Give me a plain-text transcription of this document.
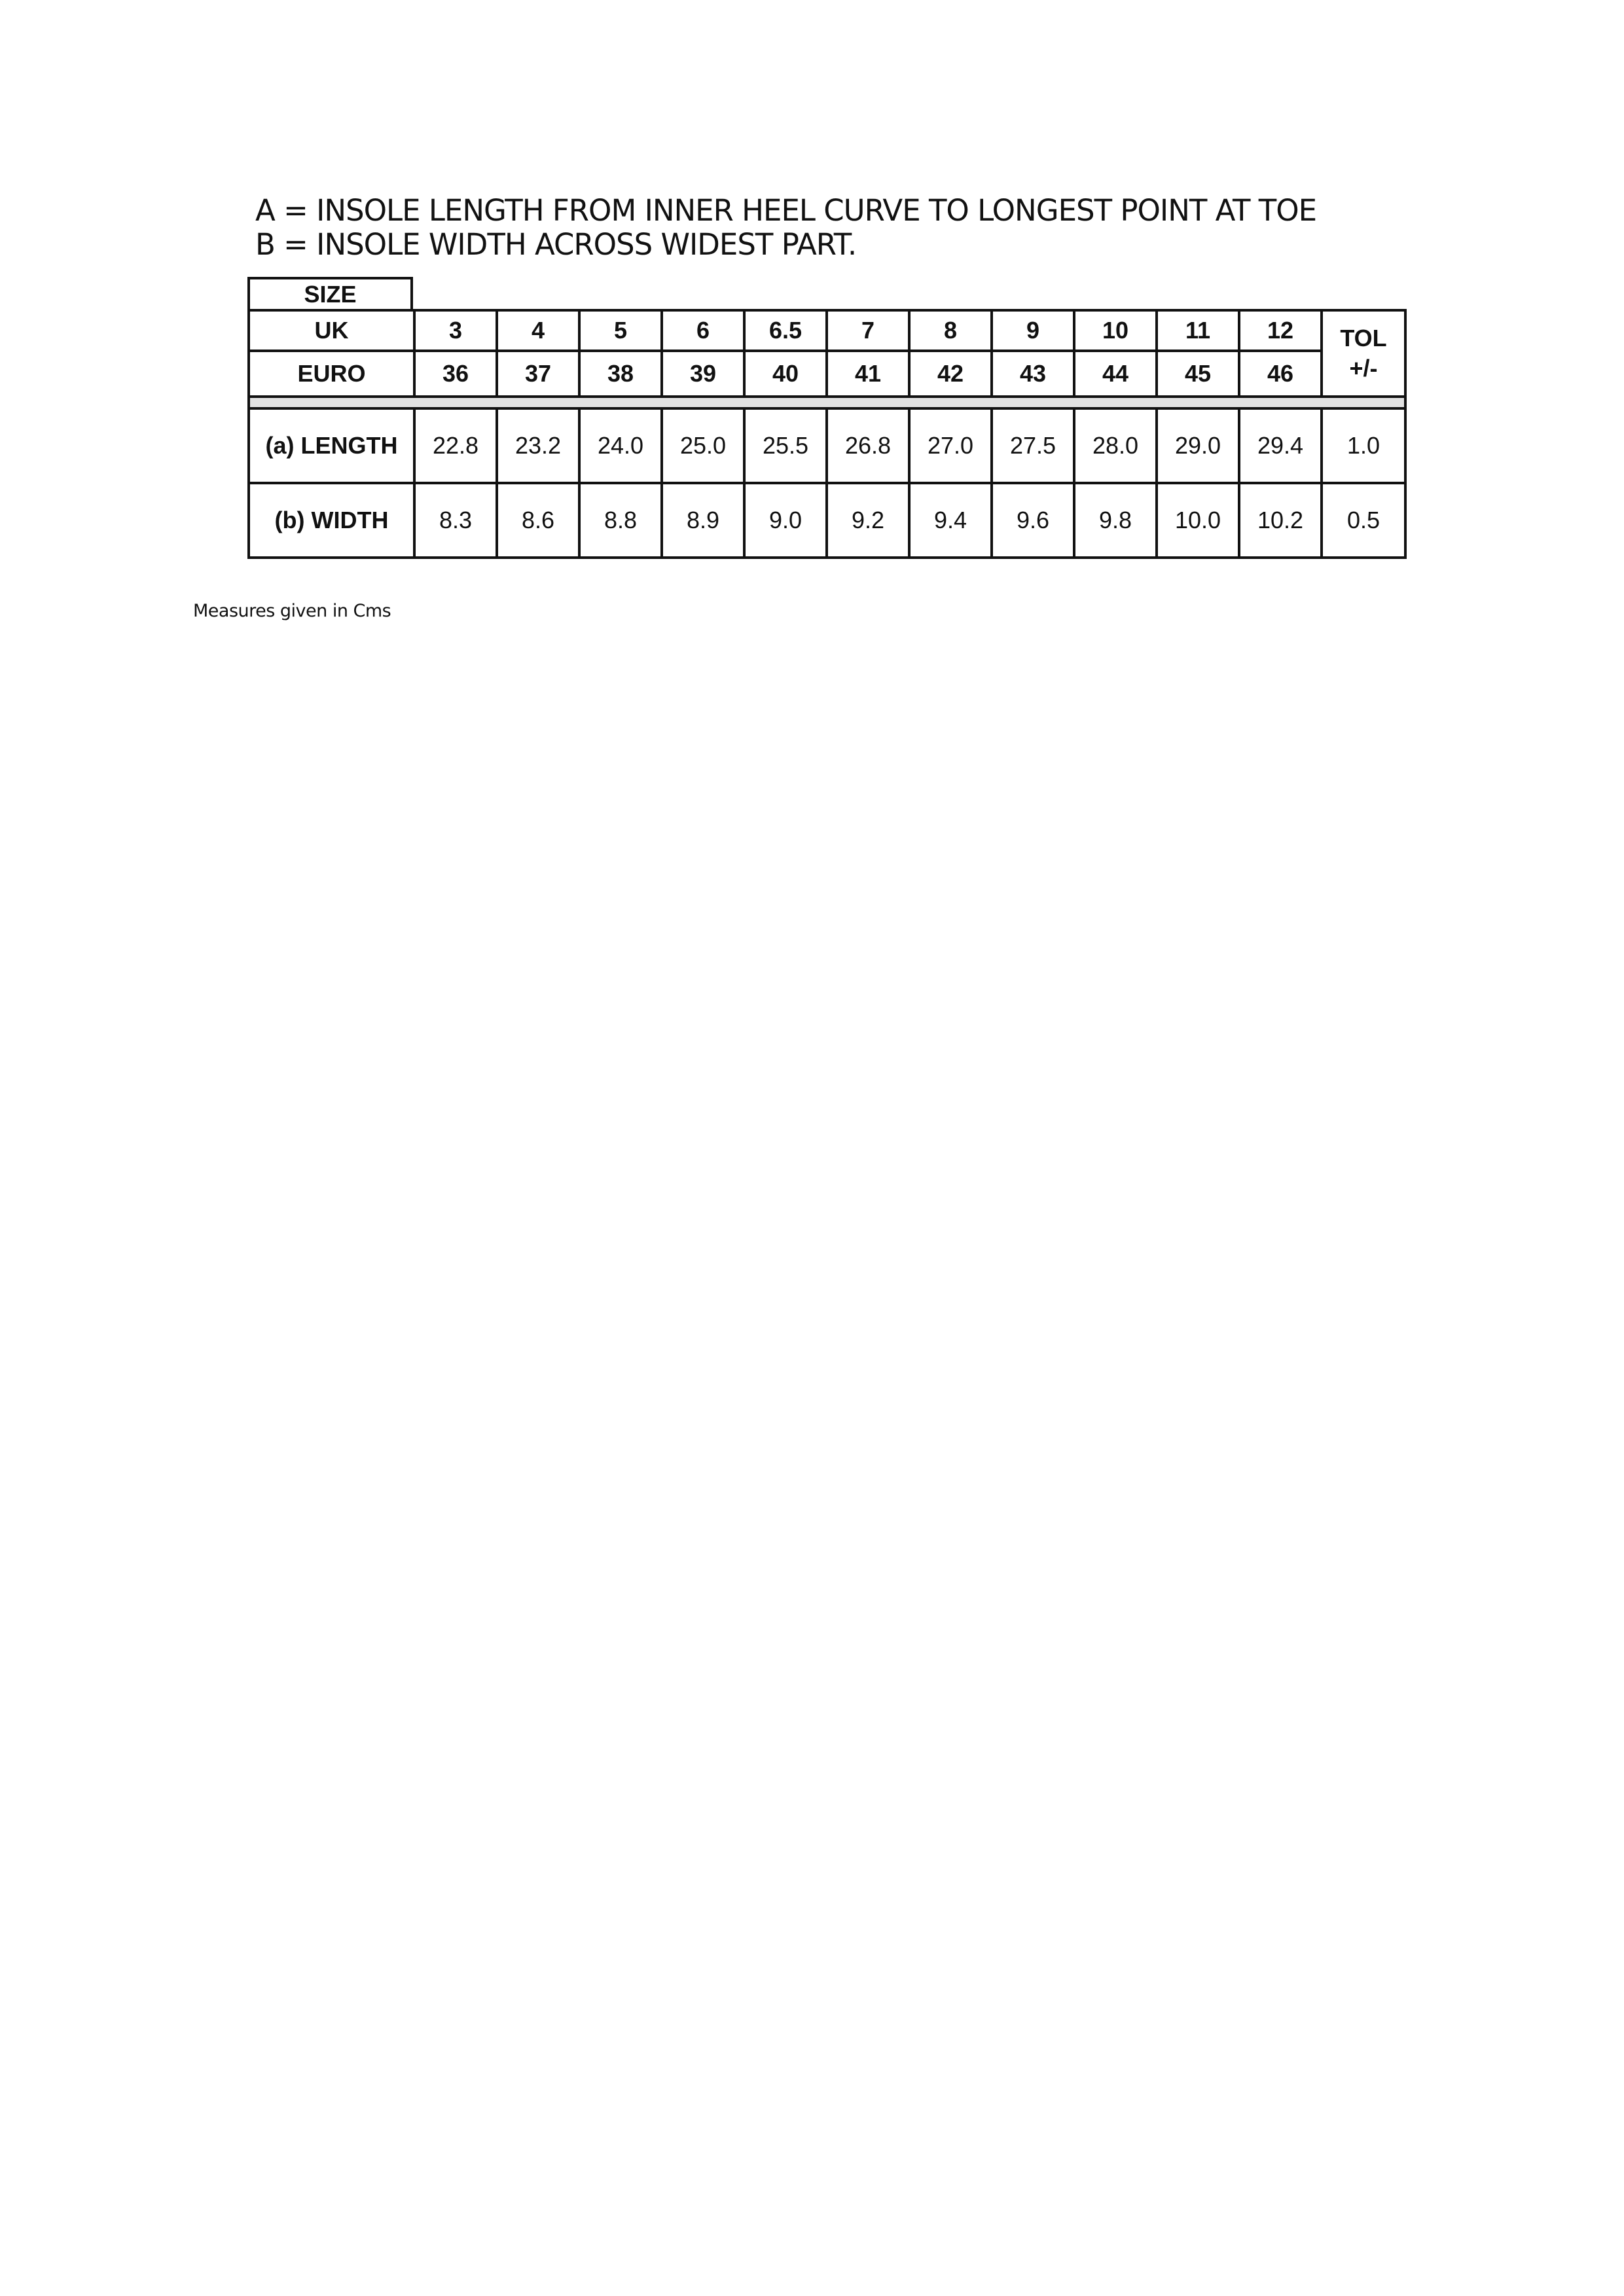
A = INSOLE LENGTH FROM INNER HEEL CURVE TO LONGEST POINT AT TOE
B = INSOLE WIDTH ACROSS WIDEST PART.
SIZE
UK	3	4	5	6	6.5	7	8	9	10	11	12	TOL
+/-

EURO	36	37	38	39	40	41	42	43	44	45	46	

(a) LENGTH	22.8	23.2	24.0	25.0	25.5	26.8	27.0	27.5	28.0	29.0	29.4	1.0
(b) WIDTH	8.3	8.6	8.8	8.9	9.0	9.2	9.4	9.6	9.8	10.0	10.2	0.5
Measures given in Cms
